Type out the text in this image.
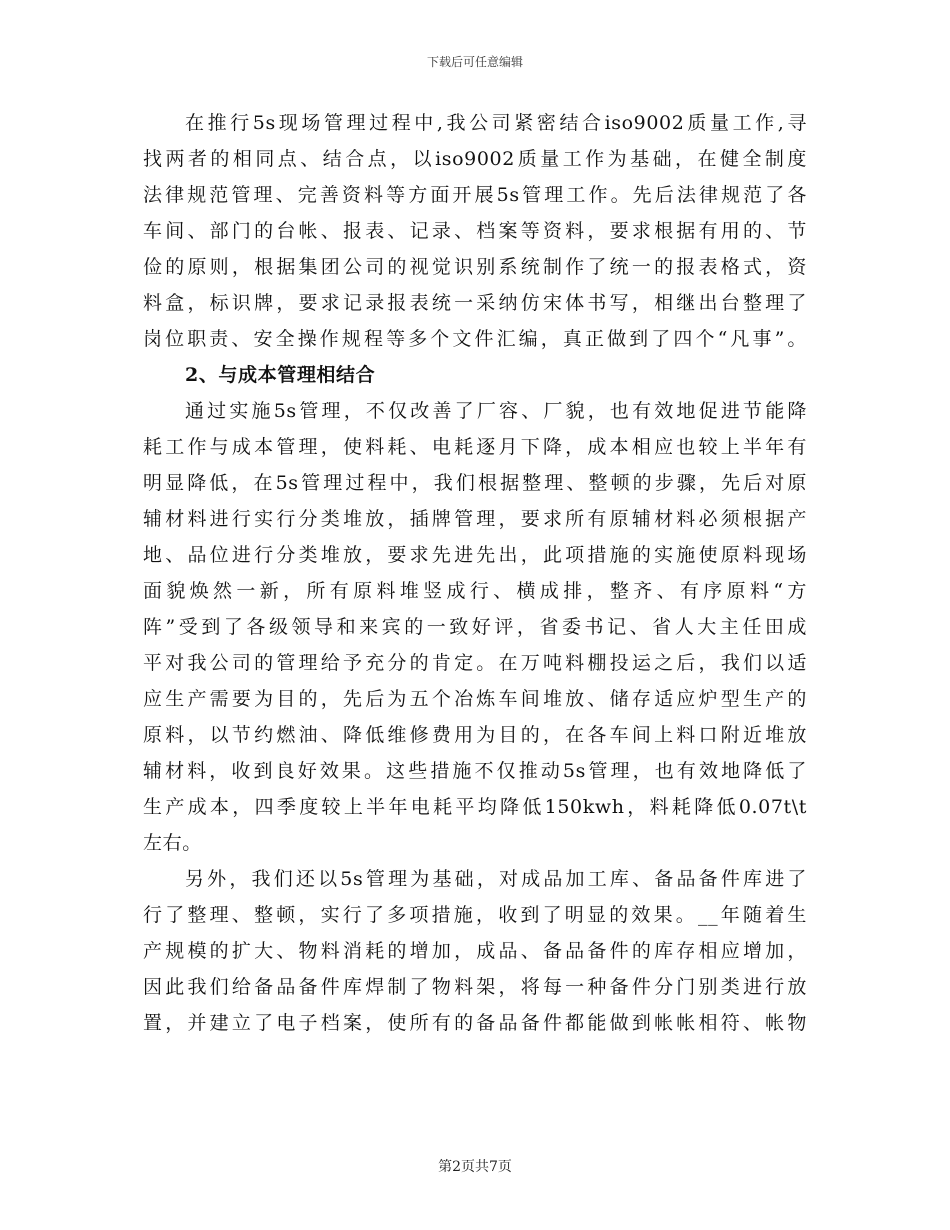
下载后可任意编辑
在推行5s现场管理过程中,我公司紧密结合iso9002质量工作,寻
找两者的相同点、结合点，以iso9002质量工作为基础，在健全制度
法律规范管理、完善资料等方面开展5s管理工作。先后法律规范了各
车间、部门的台帐、报表、记录、档案等资料，要求根据有用的、节
俭的原则，根据集团公司的视觉识别系统制作了统一的报表格式，资
料盒，标识牌，要求记录报表统一采纳仿宋体书写，相继出台整理了
岗位职责、安全操作规程等多个文件汇编，真正做到了四个“凡事”。
2、与成本管理相结合
通过实施5s管理，不仅改善了厂容、厂貌，也有效地促进节能降
耗工作与成本管理，使料耗、电耗逐月下降，成本相应也较上半年有
明显降低，在5s管理过程中，我们根据整理、整顿的步骤，先后对原
辅材料进行实行分类堆放，插牌管理，要求所有原辅材料必须根据产
地、品位进行分类堆放，要求先进先出，此项措施的实施使原料现场
面貌焕然一新，所有原料堆竖成行、横成排，整齐、有序原料“方
阵”受到了各级领导和来宾的一致好评，省委书记、省人大主任田成
平对我公司的管理给予充分的肯定。在万吨料棚投运之后，我们以适
应生产需要为目的，先后为五个冶炼车间堆放、储存适应炉型生产的
原料，以节约燃油、降低维修费用为目的，在各车间上料口附近堆放
辅材料，收到良好效果。这些措施不仅推动5s管理，也有效地降低了
生产成本，四季度较上半年电耗平均降低150kwh，料耗降低0.07t\t
左右。
另外，我们还以5s管理为基础，对成品加工库、备品备件库进了
行了整理、整顿，实行了多项措施，收到了明显的效果。__年随着生
产规模的扩大、物料消耗的增加，成品、备品备件的库存相应增加，
因此我们给备品备件库焊制了物料架，将每一种备件分门别类进行放
置，并建立了电子档案，使所有的备品备件都能做到帐帐相符、帐物
第2页共7页
